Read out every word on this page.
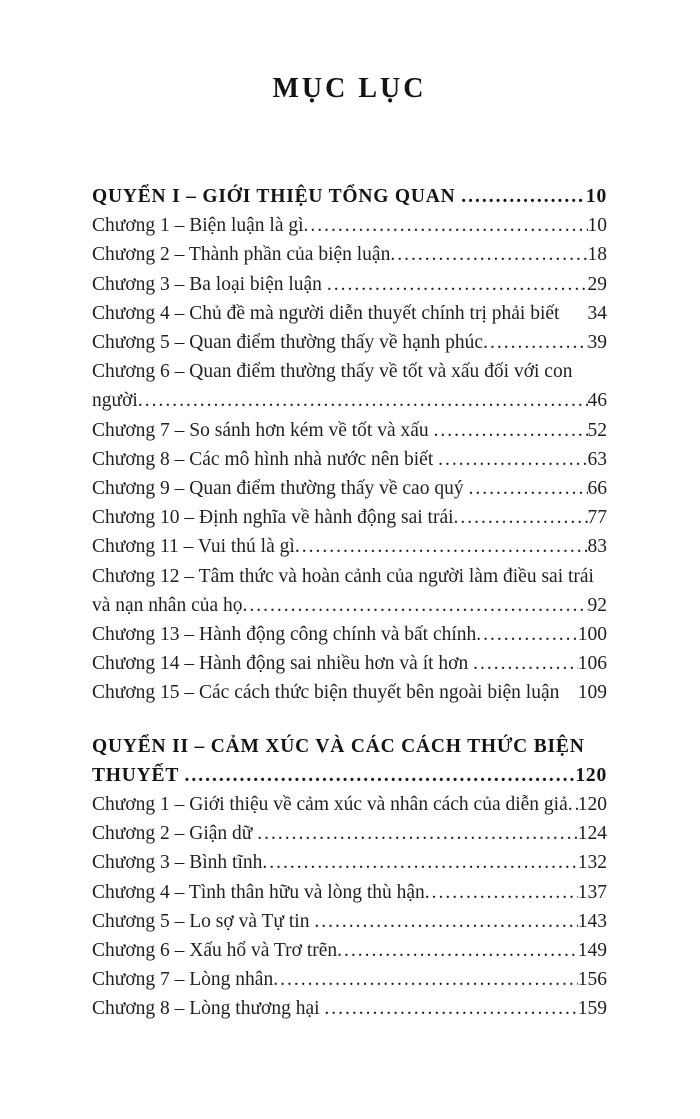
MỤC LỤC
QUYỂN I – GIỚI THIỆU TỔNG QUAN .....	10
Chương 1 – Biện luận là gì .....	10
Chương 2 – Thành phần của biện luận .....	18
Chương 3 – Ba loại biện luận .....	29
Chương 4 – Chủ đề mà người diễn thuyết chính trị phải biết 34
Chương 5 – Quan điểm thường thấy về hạnh phúc .....	39
Chương 6 – Quan điểm thường thấy về tốt và xấu đối với con
người .....	46
Chương 7 – So sánh hơn kém về tốt và xấu .....	52
Chương 8 – Các mô hình nhà nước nên biết .....	63
Chương 9 – Quan điểm thường thấy về cao quý .....	66
Chương 10 – Định nghĩa về hành động sai trái .....	77
Chương 11 – Vui thú là gì .....	83
Chương 12 – Tâm thức và hoàn cảnh của người làm điều sai trái
và nạn nhân của họ .....	92
Chương 13 – Hành động công chính và bất chính .....	100
Chương 14 – Hành động sai nhiều hơn và ít hơn .....	106
Chương 15 – Các cách thức biện thuyết bên ngoài biện luận 109
QUYỂN II – CẢM XÚC VÀ CÁC CÁCH THỨC BIỆN
THUYẾT .....	120
Chương 1 – Giới thiệu về cảm xúc và nhân cách của diễn giả ..... 120
Chương 2 – Giận dữ .....	124
Chương 3 – Bình tĩnh .....	132
Chương 4 – Tình thân hữu và lòng thù hận .....	137
Chương 5 – Lo sợ và Tự tin .....	143
Chương 6 – Xấu hổ và Trơ trẽn .....	149
Chương 7 – Lòng nhân .....	156
Chương 8 – Lòng thương hại .....	159
